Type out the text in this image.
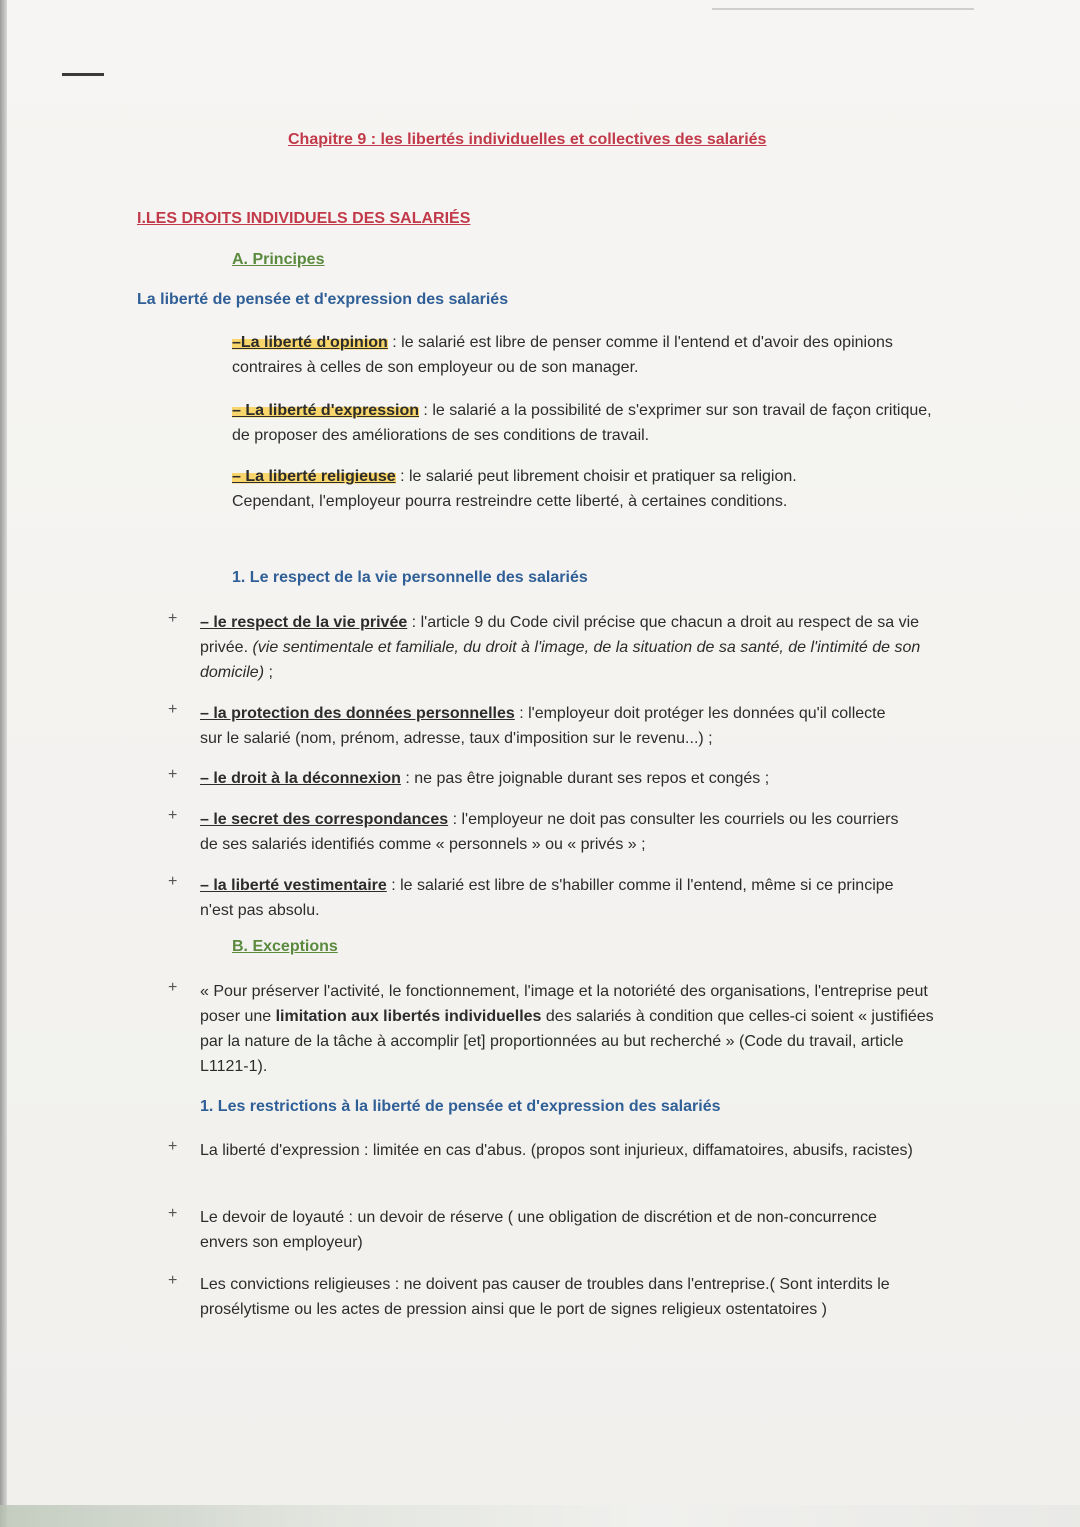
Chapitre 9 : les libertés individuelles et collectives des salariés

I.LES DROITS INDIVIDUELS DES SALARIÉS

A. Principes

La liberté de pensée et d'expression des salariés

–La liberté d'opinion : le salarié est libre de penser comme il l'entend et d'avoir des opinions contraires à celles de son employeur ou de son manager.

– La liberté d'expression : le salarié a la possibilité de s'exprimer sur son travail de façon critique, de proposer des améliorations de ses conditions de travail.

– La liberté religieuse : le salarié peut librement choisir et pratiquer sa religion. Cependant, l'employeur pourra restreindre cette liberté, à certaines conditions.

1. Le respect de la vie personnelle des salariés

+ – le respect de la vie privée : l'article 9 du Code civil précise que chacun a droit au respect de sa vie privée. (vie sentimentale et familiale, du droit à l'image, de la situation de sa santé, de l'intimité de son domicile) ;

+ – la protection des données personnelles : l'employeur doit protéger les données qu'il collecte sur le salarié (nom, prénom, adresse, taux d'imposition sur le revenu...) ;

+ – le droit à la déconnexion : ne pas être joignable durant ses repos et congés ;

+ – le secret des correspondances : l'employeur ne doit pas consulter les courriels ou les courriers de ses salariés identifiés comme « personnels » ou « privés » ;

+ – la liberté vestimentaire : le salarié est libre de s'habiller comme il l'entend, même si ce principe n'est pas absolu.

B. Exceptions

+ « Pour préserver l'activité, le fonctionnement, l'image et la notoriété des organisations, l'entreprise peut poser une limitation aux libertés individuelles des salariés à condition que celles-ci soient « justifiées par la nature de la tâche à accomplir [et] proportionnées au but recherché » (Code du travail, article L1121-1).

1. Les restrictions à la liberté de pensée et d'expression des salariés

+ La liberté d'expression : limitée en cas d'abus. (propos sont injurieux, diffamatoires, abusifs, racistes)

+ Le devoir de loyauté : un devoir de réserve ( une obligation de discrétion et de non-concurrence envers son employeur)

+ Les convictions religieuses : ne doivent pas causer de troubles dans l'entreprise.( Sont interdits le prosélytisme ou les actes de pression ainsi que le port de signes religieux ostentatoires )
